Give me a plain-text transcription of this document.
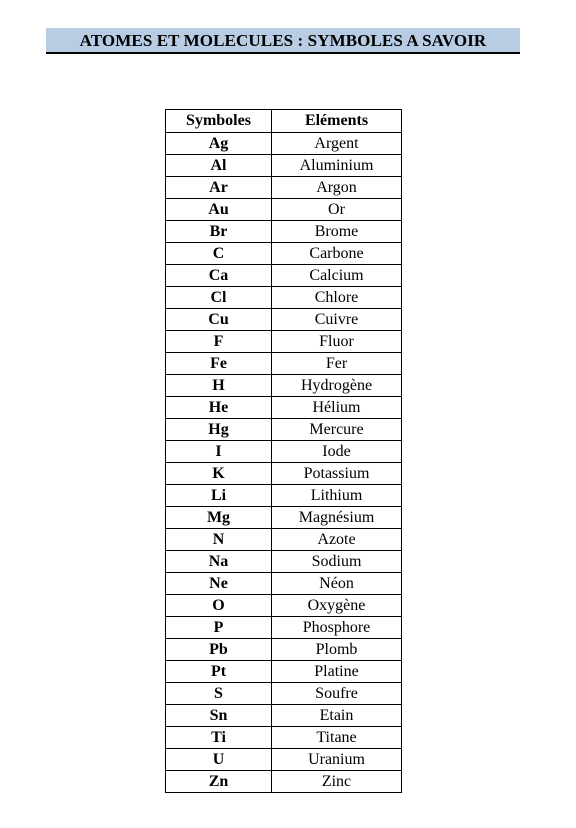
ATOMES ET MOLECULES : SYMBOLES A SAVOIR
Symboles	Eléments
Ag	Argent
Al	Aluminium
Ar	Argon
Au	Or
Br	Brome
C	Carbone
Ca	Calcium
Cl	Chlore
Cu	Cuivre
F	Fluor
Fe	Fer
H	Hydrogène
He	Hélium
Hg	Mercure
I	Iode
K	Potassium
Li	Lithium
Mg	Magnésium
N	Azote
Na	Sodium
Ne	Néon
O	Oxygène
P	Phosphore
Pb	Plomb
Pt	Platine
S	Soufre
Sn	Etain
Ti	Titane
U	Uranium
Zn	Zinc
